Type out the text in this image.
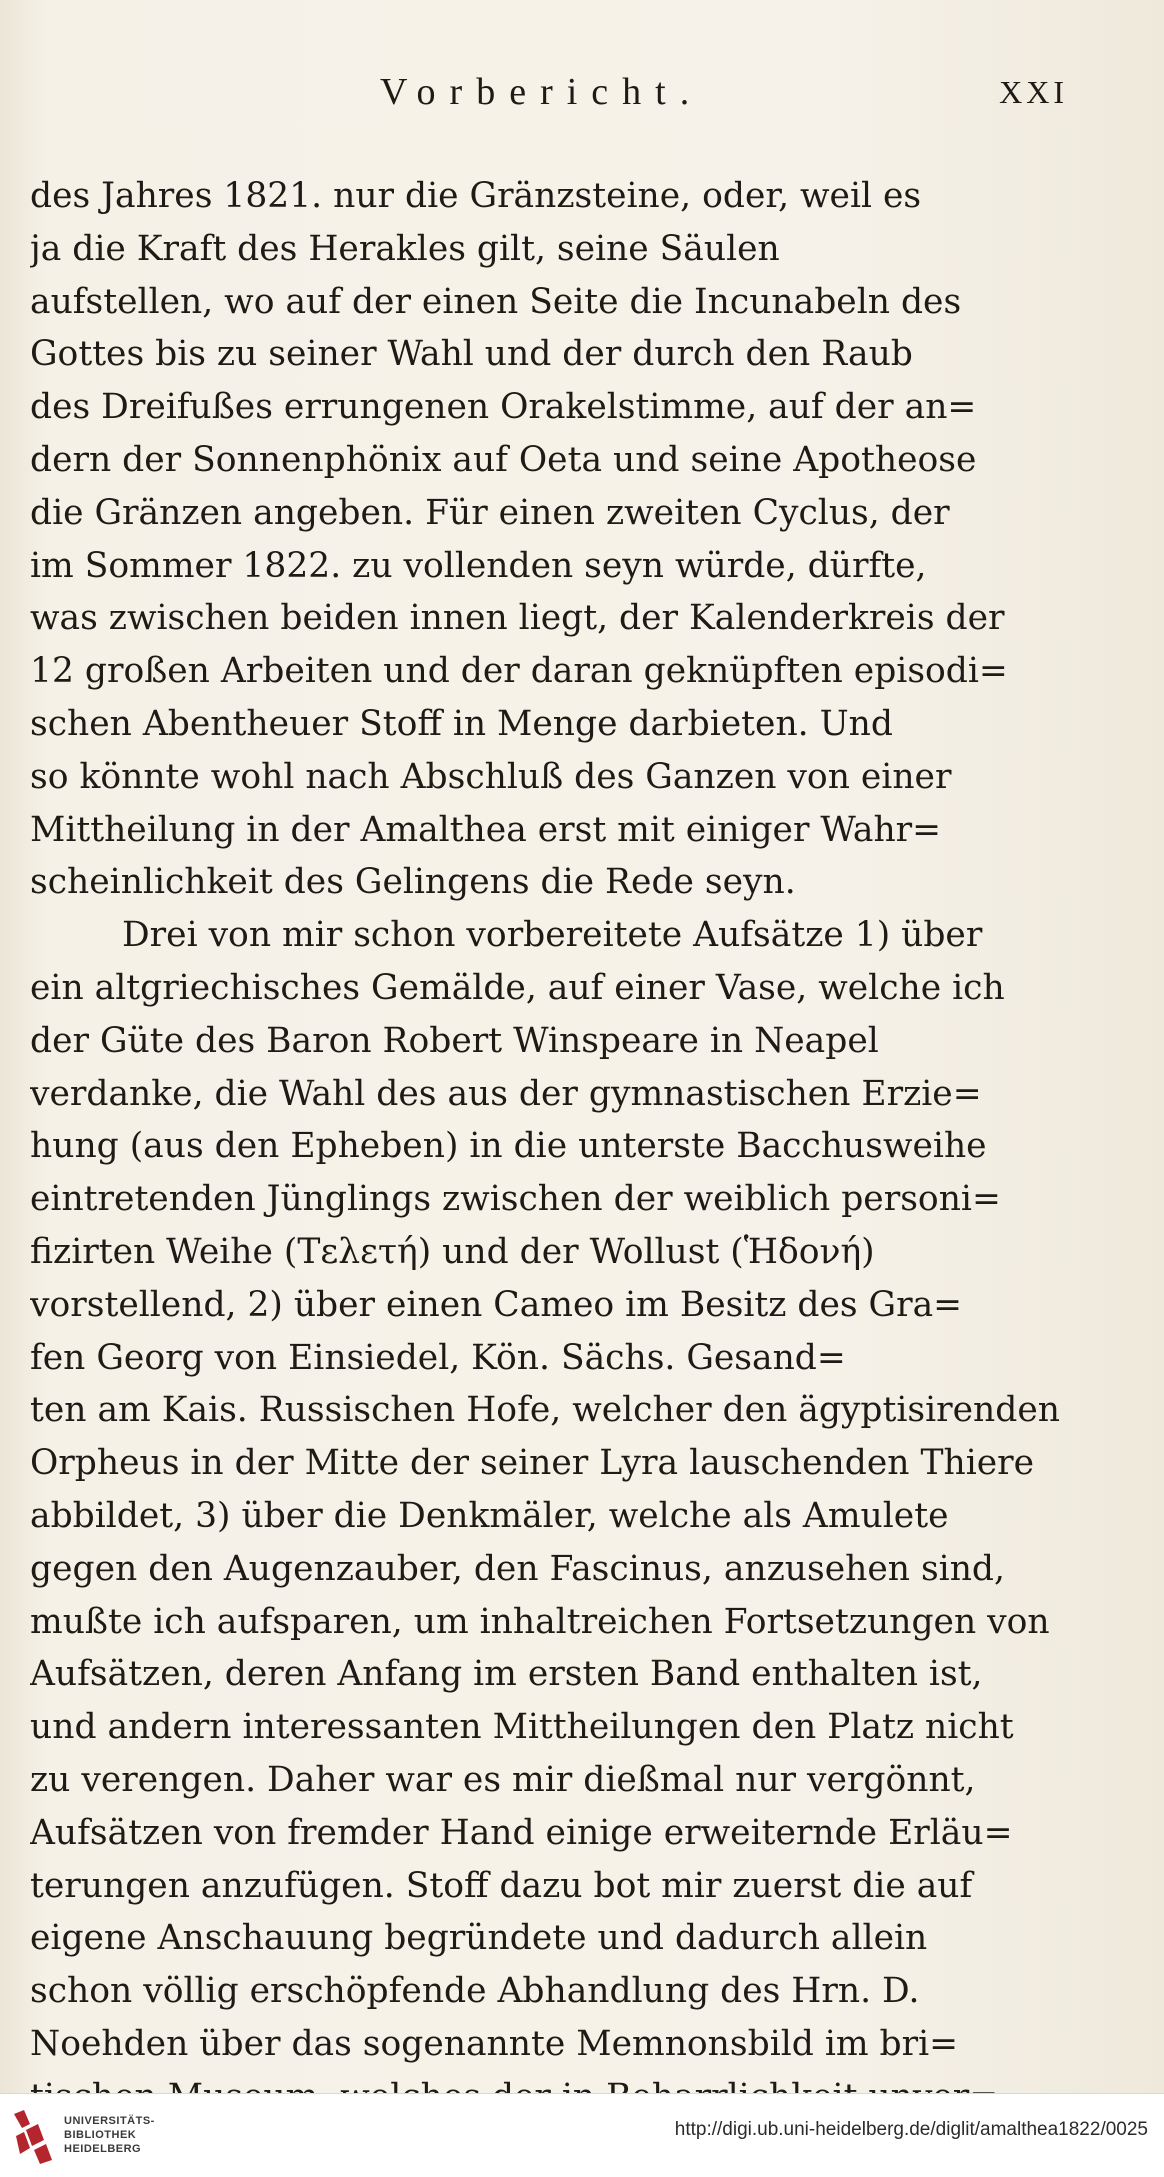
Vorbericht.	XXI
des Jahres 1821. nur die Gränzsteine, oder, weil es
ja die Kraft des Herakles gilt, seine Säulen
aufstellen, wo auf der einen Seite die Incunabeln des
Gottes bis zu seiner Wahl und der durch den Raub
des Dreifußes errungenen Orakelstimme, auf der an=
dern der Sonnenphönix auf Oeta und seine Apotheose
die Gränzen angeben. Für einen zweiten Cyclus, der
im Sommer 1822. zu vollenden seyn würde, dürfte,
was zwischen beiden innen liegt, der Kalenderkreis der
12 großen Arbeiten und der daran geknüpften episodi=
schen Abentheuer Stoff in Menge darbieten. Und
so könnte wohl nach Abschluß des Ganzen von einer
Mittheilung in der Amalthea erst mit einiger Wahr=
scheinlichkeit des Gelingens die Rede seyn.
Drei von mir schon vorbereitete Aufsätze 1) über
ein altgriechisches Gemälde, auf einer Vase, welche ich
der Güte des Baron Robert Winspeare in Neapel
verdanke, die Wahl des aus der gymnastischen Erzie=
hung (aus den Epheben) in die unterste Bacchusweihe
eintretenden Jünglings zwischen der weiblich personi=
fizirten Weihe (Τελετή) und der Wollust (Ἡδονή)
vorstellend, 2) über einen Cameo im Besitz des Gra=
fen Georg von Einsiedel, Kön. Sächs. Gesand=
ten am Kais. Russischen Hofe, welcher den ägyptisirenden
Orpheus in der Mitte der seiner Lyra lauschenden Thiere
abbildet, 3) über die Denkmäler, welche als Amulete
gegen den Augenzauber, den Fascinus, anzusehen sind,
mußte ich aufsparen, um inhaltreichen Fortsetzungen von
Aufsätzen, deren Anfang im ersten Band enthalten ist,
und andern interessanten Mittheilungen den Platz nicht
zu verengen. Daher war es mir dießmal nur vergönnt,
Aufsätzen von fremder Hand einige erweiternde Erläu=
terungen anzufügen. Stoff dazu bot mir zuerst die auf
eigene Anschauung begründete und dadurch allein
schon völlig erschöpfende Abhandlung des Hrn. D.
Noehden über das sogenannte Memnonsbild im bri=
UNIVERSITÄTS-
BIBLIOTHEK
HEIDELBERG
http://digi.ub.uni-heidelberg.de/diglit/amalthea1822/0025
